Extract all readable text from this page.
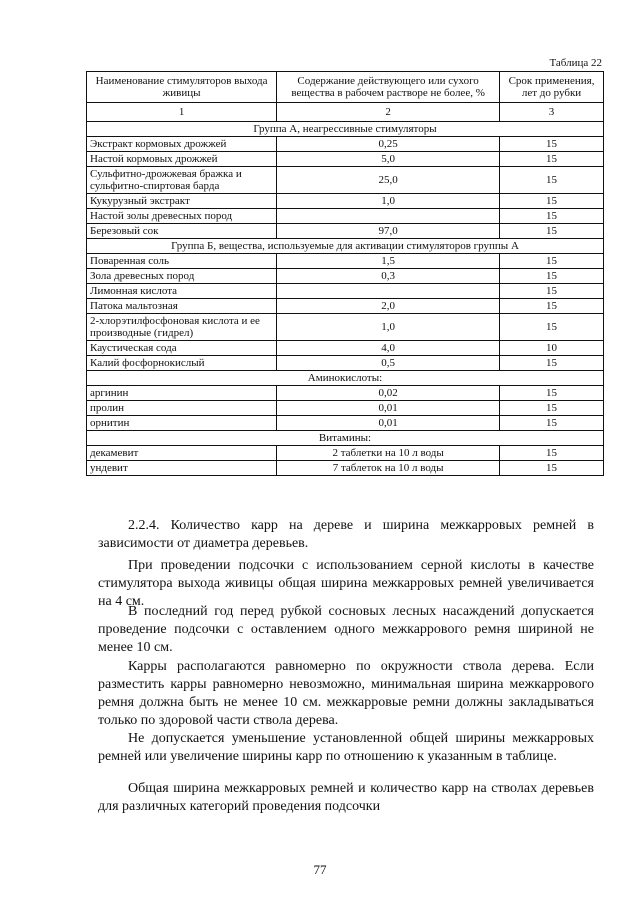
Таблица 22
Наименование стимуляторов выхода живицы	Содержание действующего или сухого вещества в рабочем растворе не более, %	Срок применения, лет до рубки
1	2	3
Группа А, неагрессивные стимуляторы		
Экстракт кормовых дрожжей	0,25	15
Настой кормовых дрожжей	5,0	15
Сульфитно-дрожжевая бражка и сульфитно-спиртовая барда	25,0	15
Кукурузный экстракт	1,0	15
Настой золы древесных пород		15
Березовый сок	97,0	15
Группа Б, вещества, используемые для активации стимуляторов группы А		
Поваренная соль	1,5	15
Зола древесных пород	0,3	15
Лимонная кислота		15
Патока мальтозная	2,0	15
2-хлорэтилфосфоновая кислота и ее производные (гидрел)	1,0	15
Каустическая сода	4,0	10
Калий фосфорнокислый	0,5	15
Аминокислоты:		
аргинин	0,02	15
пролин	0,01	15
орнитин	0,01	15
Витамины:		
декамевит	2 таблетки на 10 л воды	15
ундевит	7 таблеток на 10 л воды	15
2.2.4. Количество карр на дереве и ширина межкарровых ремней в зависимости от диаметра деревьев.
При проведении подсочки с использованием серной кислоты в качестве стимулятора выхода живицы общая ширина межкарровых ремней увеличивается на 4 см.
В последний год перед рубкой сосновых лесных насаждений допускается проведение подсочки с оставлением одного межкаррового ремня шириной не менее 10 см.
Карры располагаются равномерно по окружности ствола дерева. Если разместить карры равномерно невозможно, минимальная ширина межкаррового ремня должна быть не менее 10 см. межкарровые ремни должны закладываться только по здоровой части ствола дерева.
Не допускается уменьшение установленной общей ширины межкарровых ремней или увеличение ширины карр по отношению к указанным в таблице.
Общая ширина межкарровых ремней и количество карр на стволах деревьев для различных категорий проведения подсочки
77
